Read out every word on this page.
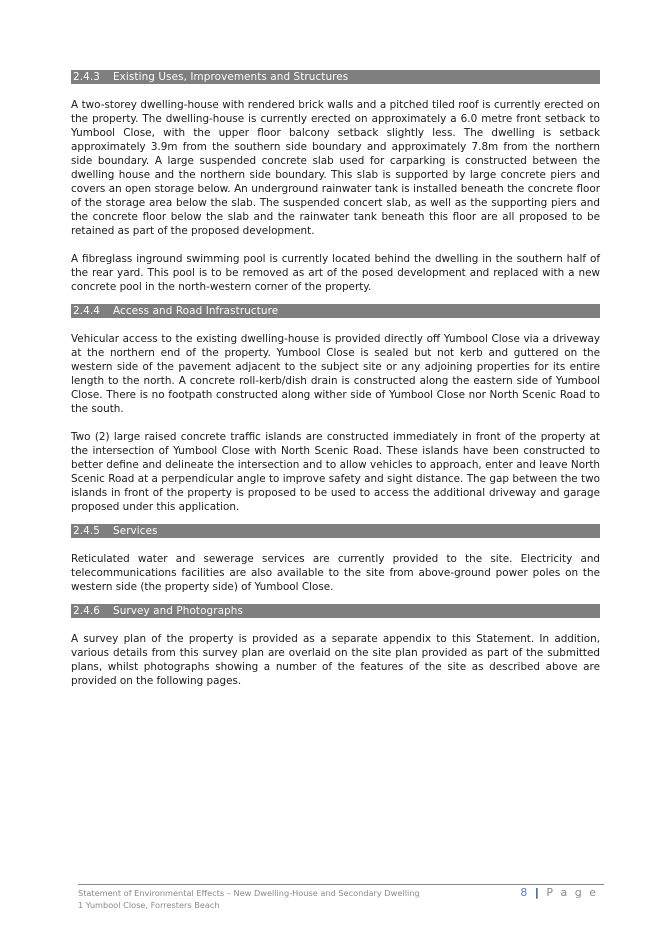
2.4.3 Existing Uses, Improvements and Structures

A two-storey dwelling-house with rendered brick walls and a pitched tiled roof is currently erected on the property. The dwelling-house is currently erected on approximately a 6.0 metre front setback to Yumbool Close, with the upper floor balcony setback slightly less. The dwelling is setback approximately 3.9m from the southern side boundary and approximately 7.8m from the northern side boundary. A large suspended concrete slab used for carparking is constructed between the dwelling house and the northern side boundary. This slab is supported by large concrete piers and covers an open storage below. An underground rainwater tank is installed beneath the concrete floor of the storage area below the slab. The suspended concert slab, as well as the supporting piers and the concrete floor below the slab and the rainwater tank beneath this floor are all proposed to be retained as part of the proposed development.

A fibreglass inground swimming pool is currently located behind the dwelling in the southern half of the rear yard. This pool is to be removed as art of the posed development and replaced with a new concrete pool in the north-western corner of the property.

2.4.4 Access and Road Infrastructure

Vehicular access to the existing dwelling-house is provided directly off Yumbool Close via a driveway at the northern end of the property. Yumbool Close is sealed but not kerb and guttered on the western side of the pavement adjacent to the subject site or any adjoining properties for its entire length to the north. A concrete roll-kerb/dish drain is constructed along the eastern side of Yumbool Close. There is no footpath constructed along wither side of Yumbool Close nor North Scenic Road to the south.

Two (2) large raised concrete traffic islands are constructed immediately in front of the property at the intersection of Yumbool Close with North Scenic Road. These islands have been constructed to better define and delineate the intersection and to allow vehicles to approach, enter and leave North Scenic Road at a perpendicular angle to improve safety and sight distance. The gap between the two islands in front of the property is proposed to be used to access the additional driveway and garage proposed under this application.

2.4.5 Services

Reticulated water and sewerage services are currently provided to the site. Electricity and telecommunications facilities are also available to the site from above-ground power poles on the western side (the property side) of Yumbool Close.

2.4.6 Survey and Photographs

A survey plan of the property is provided as a separate appendix to this Statement. In addition, various details from this survey plan are overlaid on the site plan provided as part of the submitted plans, whilst photographs showing a number of the features of the site as described above are provided on the following pages.

Statement of Environmental Effects – New Dwelling-House and Secondary Dwelling
1 Yumbool Close, Forresters Beach
8 | P a g e
